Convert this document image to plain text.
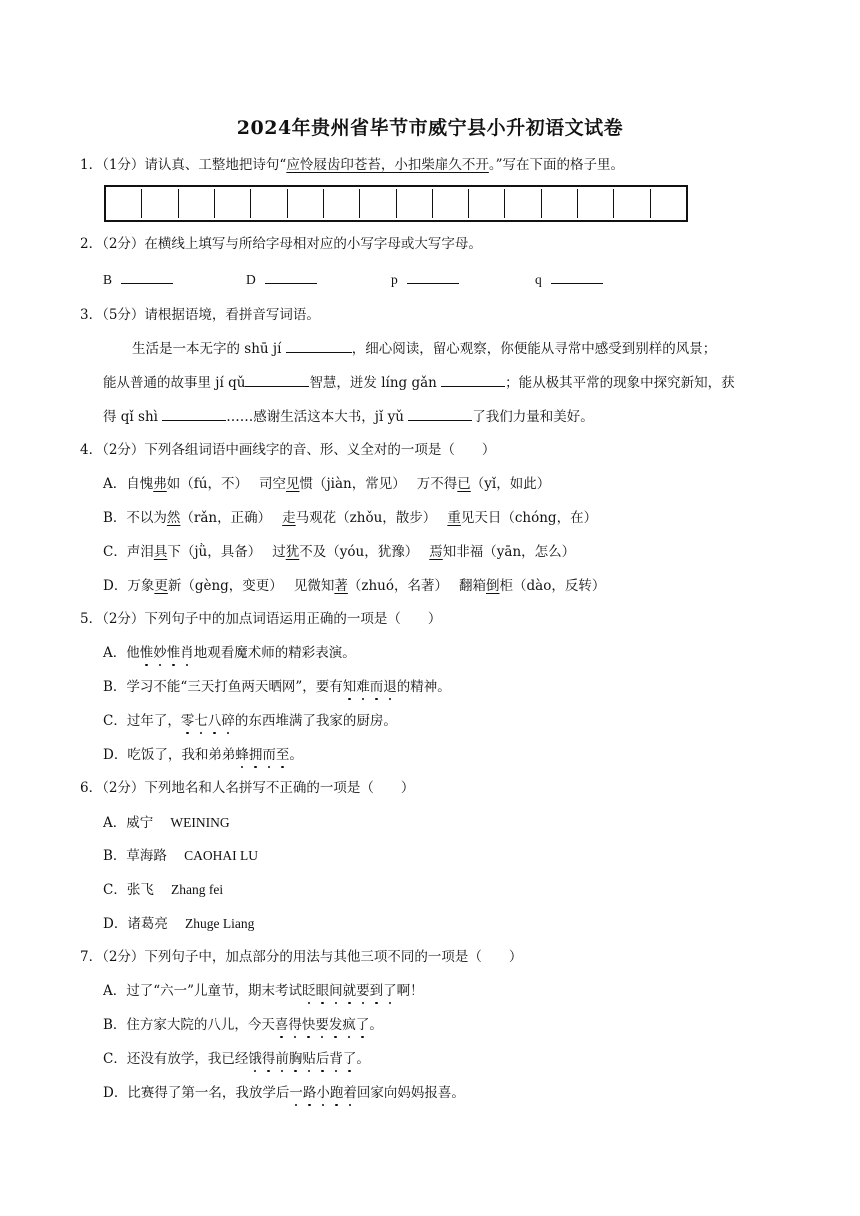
2024年贵州省毕节市威宁县小升初语文试卷
1．（1分）请认真、工整地把诗句“应怜屐齿印苍苔，小扣柴扉久不开。”写在下面的格子里。
2．（2分）在横线上填写与所给字母相对应的小写字母或大写字母。
B	D	p	q
3．（5分）请根据语境，看拼音写词语。
生活是一本无字的 shū jí	，细心阅读，留心观察，你便能从寻常中感受到别样的风景；
能从普通的故事里 jí qǔ	智慧，迸发 líng gǎn	；能从极其平常的现象中探究新知，获
得 qǐ shì	……感谢生活这本大书，jǐ yǔ	了我们力量和美好。
4．（2分）下列各组词语中画线字的音、形、义全对的一项是（　　）
A．自愧弗如（fú，不）　 司空见惯（jiàn，常见）　 万不得已（yǐ，如此）
B．不以为然（rǎn，正确）　 走马观花（zhǒu，散步）　 重见天日（chóng，在）
C．声泪具下（jǜ，具备）　 过犹不及（yóu，犹豫）　 焉知非福（yān，怎么）
D．万象更新（gèng，变更）　 见微知著（zhuó，名著）　 翻箱倒柜（dào，反转）
5．（2分）下列句子中的加点词语运用正确的一项是（　　）
A．他惟妙惟肖地观看魔术师的精彩表演。
B．学习不能“三天打鱼两天晒网”，要有知难而退的精神。
C．过年了，零七八碎的东西堆满了我家的厨房。
D．吃饭了，我和弟弟蜂拥而至。
6．（2分）下列地名和人名拼写不正确的一项是（　　）
A．威宁 WEINING
B．草海路 CAOHAI LU
C．张飞 Zhang fei
D．诸葛亮 Zhuge Liang
7．（2分）下列句子中，加点部分的用法与其他三项不同的一项是（　　）
A．过了“六一”儿童节，期末考试眨眼间就要到了啊！
B．住方家大院的八儿，今天喜得快要发疯了。
C．还没有放学，我已经饿得前胸贴后背了。
D．比赛得了第一名，我放学后一路小跑着回家向妈妈报喜。
